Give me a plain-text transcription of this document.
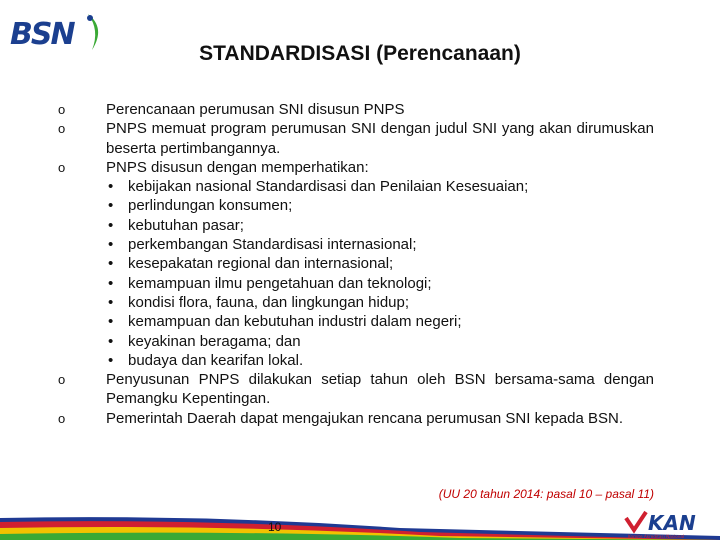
BSN
STANDARDISASI (Perencanaan)
o	Perencanaan perumusan SNI disusun PNPS
o	PNPS memuat program perumusan SNI dengan judul SNI yang akan dirumuskan beserta pertimbangannya.
o	PNPS disusun dengan memperhatikan:
• kebijakan nasional Standardisasi dan Penilaian Kesesuaian;
• perlindungan konsumen;
• kebutuhan pasar;
• perkembangan Standardisasi internasional;
• kesepakatan regional dan internasional;
• kemampuan ilmu pengetahuan dan teknologi;
• kondisi flora, fauna, dan lingkungan hidup;
• kemampuan dan kebutuhan industri dalam negeri;
• keyakinan beragama; dan
• budaya dan kearifan lokal.
o	Penyusunan PNPS dilakukan setiap tahun oleh BSN bersama-sama dengan Pemangku Kepentingan.
o	Pemerintah Daerah dapat mengajukan rencana perumusan SNI kepada BSN.
(UU 20 tahun 2014: pasal 10 – pasal 11)
10	KAN
Komite Akreditasi Nasional
